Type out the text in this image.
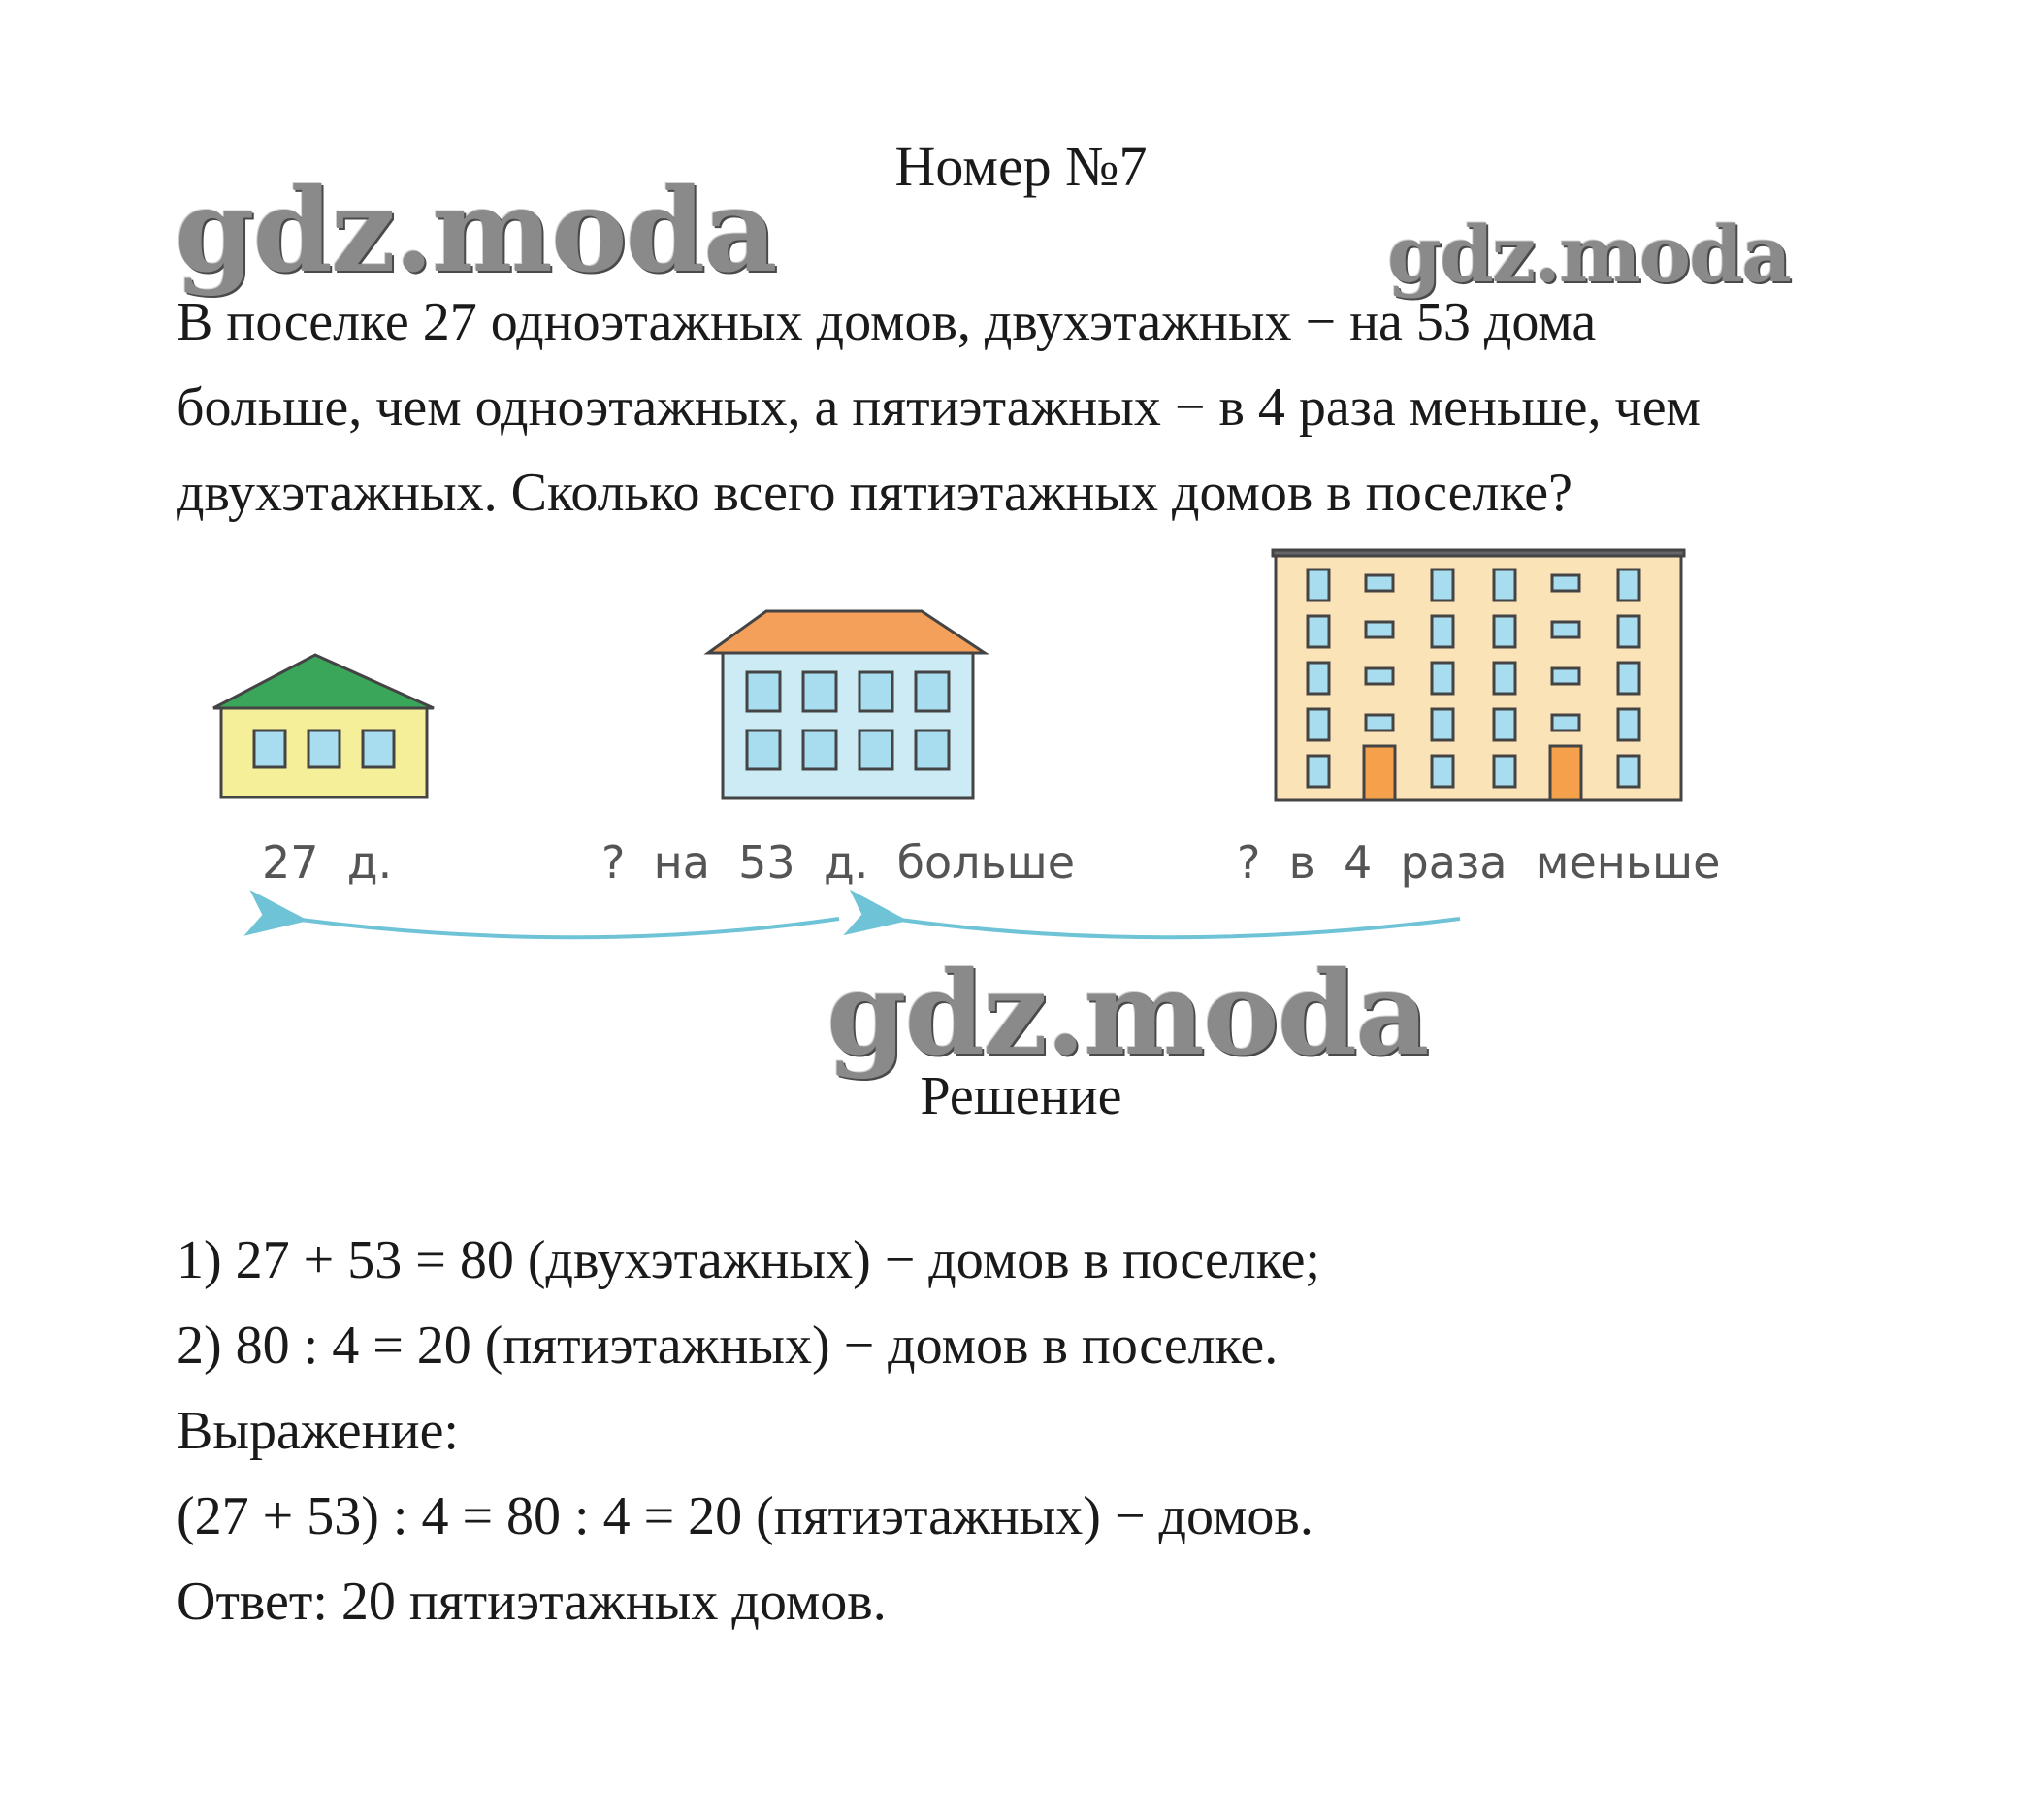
Номер №7
gdz.moda	gdz.moda
В поселке 27 одноэтажных домов, двухэтажных − на 53 дома
больше, чем одноэтажных, а пятиэтажных − в 4 раза меньше, чем
двухэтажных. Сколько всего пятиэтажных домов в поселке?
27  д.	?  на  53  д.  больше	?  в  4  раза  меньше
gdz.moda
Решение
1) 27 + 53 = 80 (двухэтажных) − домов в поселке;
2) 80 : 4 = 20 (пятиэтажных) − домов в поселке.
Выражение:
(27 + 53) : 4 = 80 : 4 = 20 (пятиэтажных) − домов.
Ответ: 20 пятиэтажных домов.
